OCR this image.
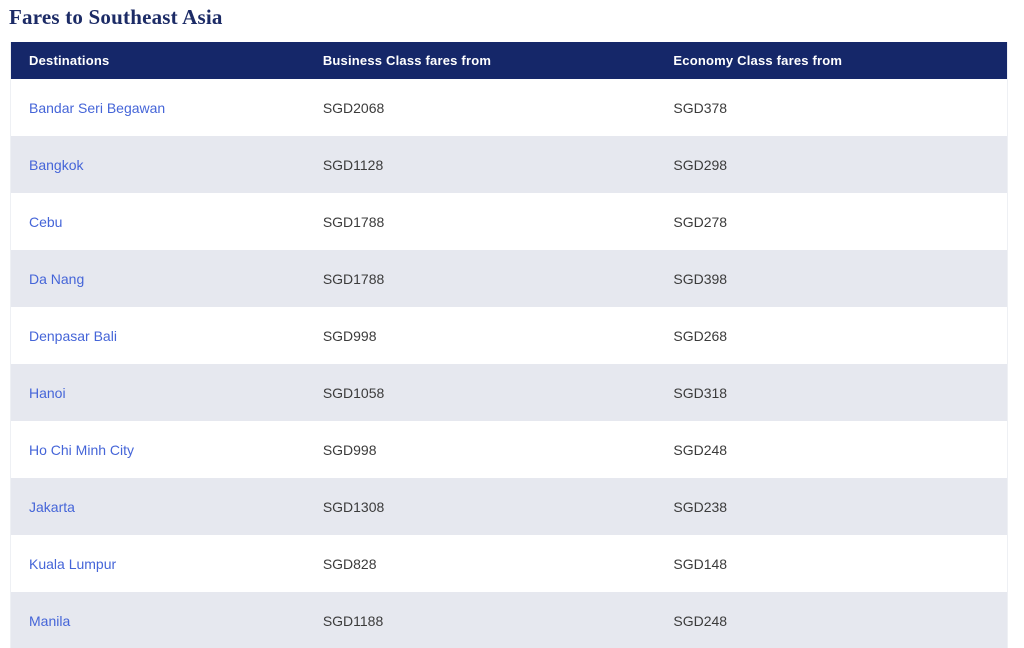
Fares to Southeast Asia
Destinations	Business Class fares from	Economy Class fares from
Bandar Seri Begawan	SGD2068	SGD378
Bangkok	SGD1128	SGD298
Cebu	SGD1788	SGD278
Da Nang	SGD1788	SGD398
Denpasar Bali	SGD998	SGD268
Hanoi	SGD1058	SGD318
Ho Chi Minh City	SGD998	SGD248
Jakarta	SGD1308	SGD238
Kuala Lumpur	SGD828	SGD148
Manila	SGD1188	SGD248
